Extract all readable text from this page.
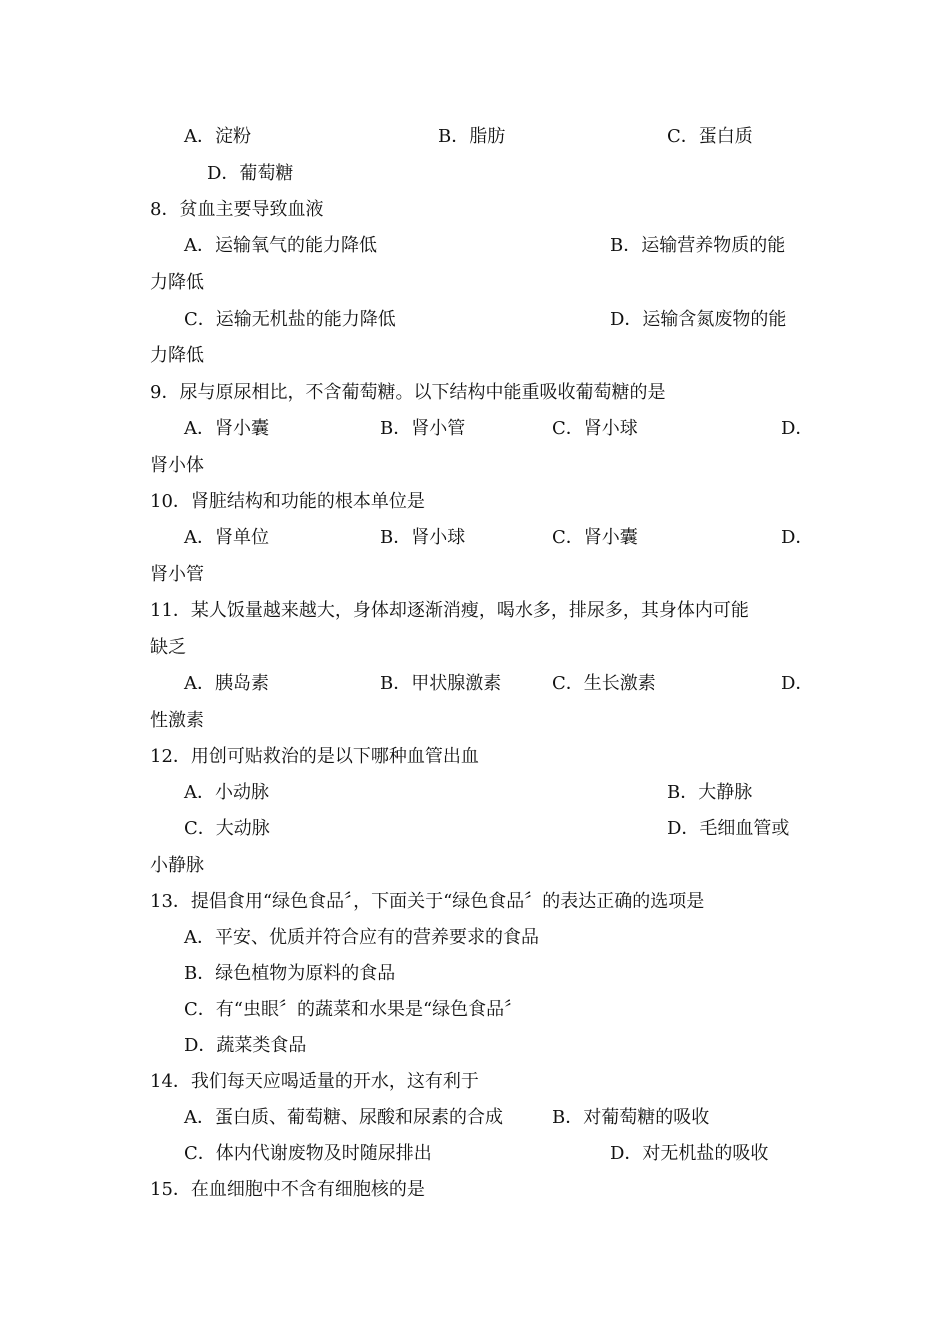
A．淀粉	B．脂肪	C．蛋白质
D．葡萄糖
8．贫血主要导致血液
A．运输氧气的能力降低	B．运输营养物质的能
力降低
C．运输无机盐的能力降低	D．运输含氮废物的能
力降低
9．尿与原尿相比，不含葡萄糖。以下结构中能重吸收葡萄糖的是
A．肾小囊	B．肾小管	C．肾小球	D．
肾小体
10．肾脏结构和功能的根本单位是
A．肾单位	B．肾小球	C．肾小囊	D．
肾小管
11．某人饭量越来越大，身体却逐渐消瘦，喝水多，排尿多，其身体内可能
缺乏
A．胰岛素	B．甲状腺激素	C．生长激素	D．
性激素
12．用创可贴救治的是以下哪种血管出血
A．小动脉	B．大静脉
C．大动脉	D．毛细血管或
小静脉
13．提倡食用“绿色食品〞，下面关于“绿色食品〞的表达正确的选项是
A．平安、优质并符合应有的营养要求的食品
B．绿色植物为原料的食品
C．有“虫眼〞的蔬菜和水果是“绿色食品〞
D．蔬菜类食品
14．我们每天应喝适量的开水，这有利于
A．蛋白质、葡萄糖、尿酸和尿素的合成	B．对葡萄糖的吸收
C．体内代谢废物及时随尿排出	D．对无机盐的吸收
15．在血细胞中不含有细胞核的是
